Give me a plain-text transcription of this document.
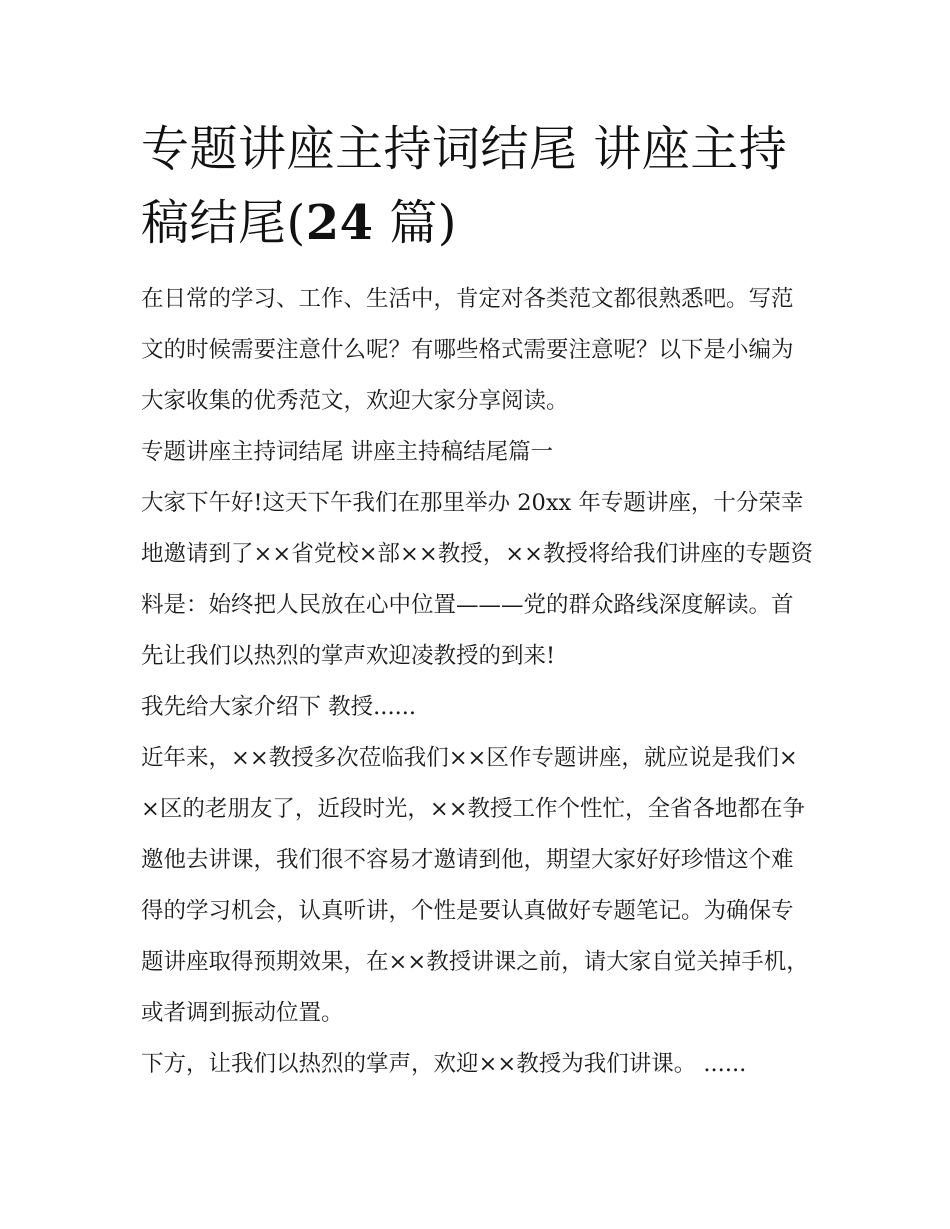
专题讲座主持词结尾 讲座主持稿结尾(24 篇)

在日常的学习、工作、生活中，肯定对各类范文都很熟悉吧。写范文的时候需要注意什么呢？有哪些格式需要注意呢？以下是小编为大家收集的优秀范文，欢迎大家分享阅读。

专题讲座主持词结尾 讲座主持稿结尾篇一

大家下午好!这天下午我们在那里举办 20xx 年专题讲座，十分荣幸地邀请到了××省党校×部××教授，××教授将给我们讲座的专题资料是：始终把人民放在心中位置———党的群众路线深度解读。首先让我们以热烈的掌声欢迎凌教授的到来!

我先给大家介绍下 教授......

近年来，××教授多次莅临我们××区作专题讲座，就应说是我们××区的老朋友了，近段时光，××教授工作个性忙，全省各地都在争邀他去讲课，我们很不容易才邀请到他，期望大家好好珍惜这个难得的学习机会，认真听讲，个性是要认真做好专题笔记。为确保专题讲座取得预期效果，在××教授讲课之前，请大家自觉关掉手机，或者调到振动位置。

下方，让我们以热烈的掌声，欢迎××教授为我们讲课。 ......
